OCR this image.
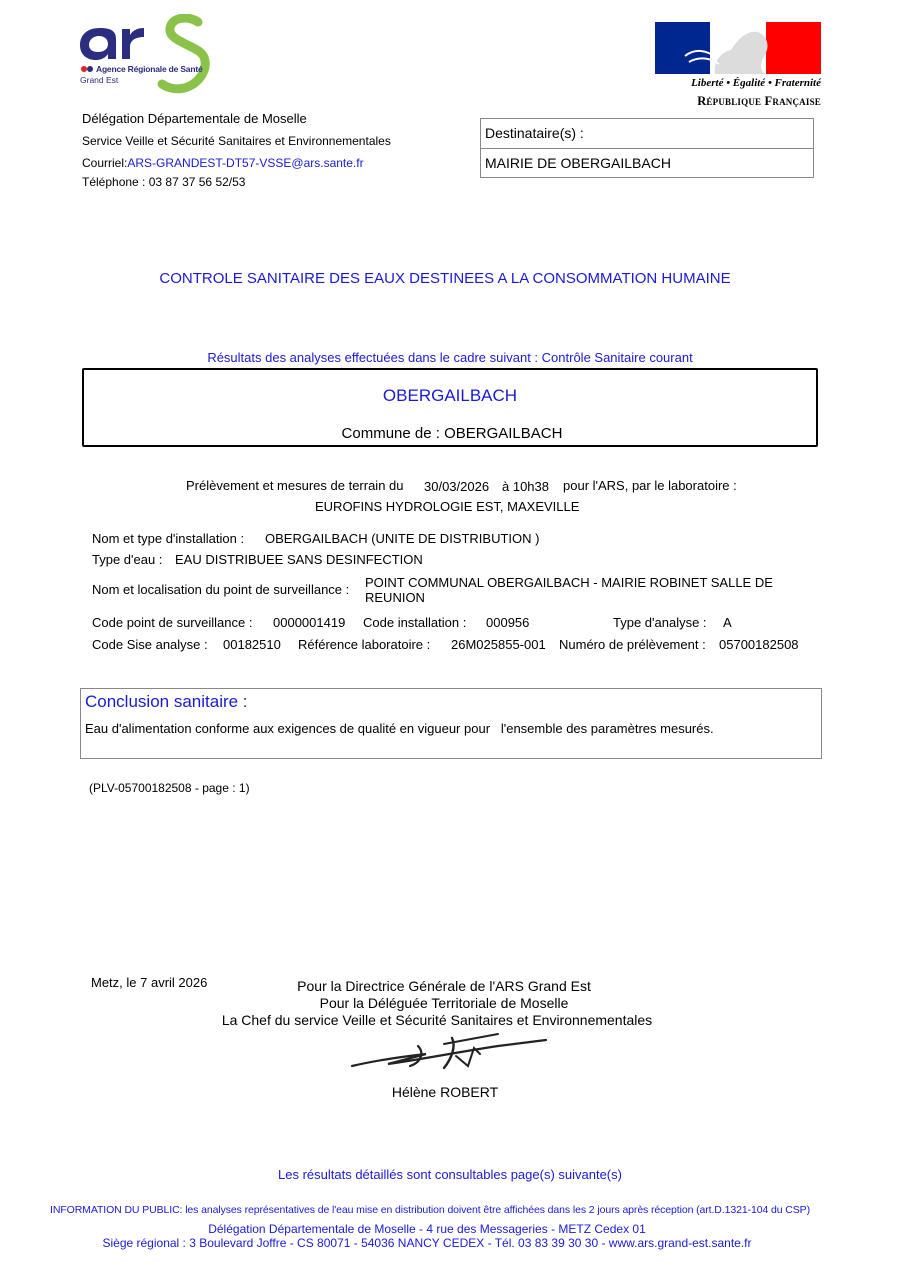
Agence Régionale de Santé
Grand Est	Liberté • Égalité • Fraternité
République Française
Délégation Départementale de Moselle
Service Veille et Sécurité Sanitaires et Environnementales
Courriel:ARS-GRANDEST-DT57-VSSE@ars.sante.fr
Téléphone : 03 87 37 56 52/53
Destinataire(s) :
MAIRIE DE OBERGAILBACH
CONTROLE SANITAIRE DES EAUX DESTINEES A LA CONSOMMATION HUMAINE
Résultats des analyses effectuées dans le cadre suivant : Contrôle Sanitaire courant
OBERGAILBACH
Commune de : OBERGAILBACH
Prélèvement et mesures de terrain du 30/03/2026 à 10h38 pour l'ARS, par le laboratoire :
EUROFINS HYDROLOGIE EST, MAXEVILLE
Nom et type d'installation : OBERGAILBACH (UNITE DE DISTRIBUTION )
Type d'eau : EAU DISTRIBUEE SANS DESINFECTION
Nom et localisation du point de surveillance :	POINT COMMUNAL OBERGAILBACH - MAIRIE ROBINET SALLE DE
REUNION
Code point de surveillance : 0000001419 Code installation : 000956	Type d'analyse : A
Code Sise analyse : 00182510 Référence laboratoire : 26M025855-001 Numéro de prélèvement : 05700182508
Conclusion sanitaire :
Eau d'alimentation conforme aux exigences de qualité en vigueur pour   l'ensemble des paramètres mesurés.
(PLV-05700182508 - page : 1)
Metz, le 7 avril 2026	Pour la Directrice Générale de l'ARS Grand Est
Pour la Déléguée Territoriale de Moselle
La Chef du service Veille et Sécurité Sanitaires et Environnementales
Hélène ROBERT
Les résultats détaillés sont consultables page(s) suivante(s)
INFORMATION DU PUBLIC: les analyses représentatives de l'eau mise en distribution doivent être affichées dans les 2 jours après réception (art.D.1321-104 du CSP)
Délégation Départementale de Moselle - 4 rue des Messageries - METZ Cedex 01
Siège régional : 3 Boulevard Joffre - CS 80071 - 54036 NANCY CEDEX - Tél. 03 83 39 30 30 - www.ars.grand-est.sante.fr
